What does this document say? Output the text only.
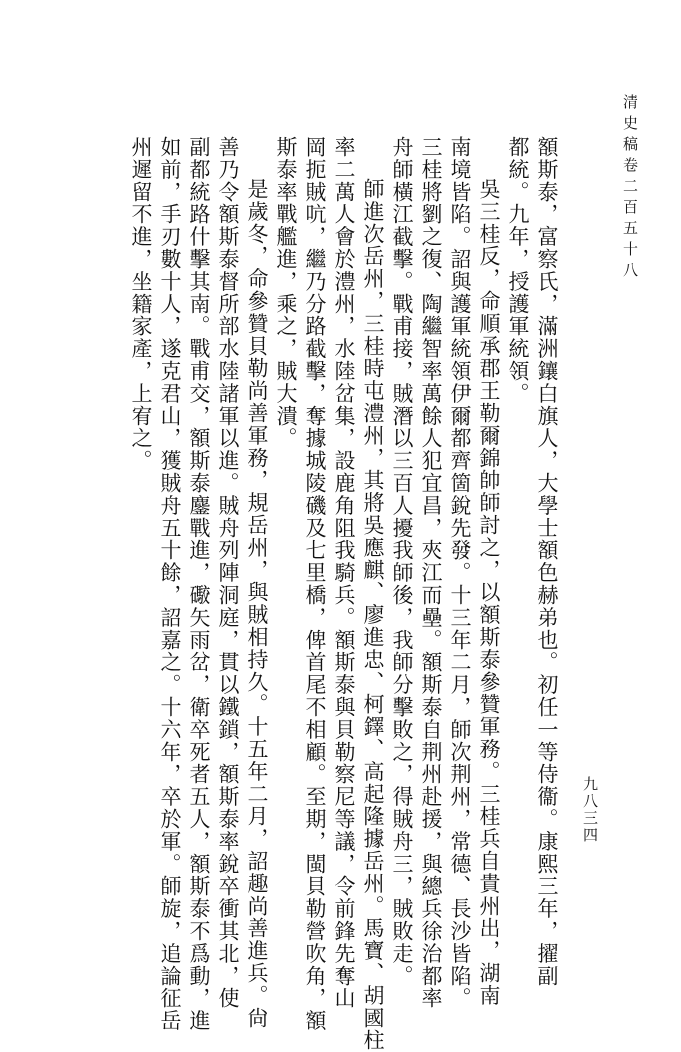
清史稿卷二百五十八
九八三四
額斯泰，富察氏，滿洲鑲白旗人，大學士額色赫弟也。初任一等侍衞。康熙三年，擢副
都統。九年，授護軍統領。
吳三桂反，命順承郡王勒爾錦帥師討之，以額斯泰參贊軍務。三桂兵自貴州出，湖南
南境皆陷。詔與護軍統領伊爾都齊箇銳先發。十三年二月，師次荆州，常德、長沙皆陷。
三桂將劉之復、陶繼智率萬餘人犯宜昌，夾江而壘。額斯泰自荆州赴援，與總兵徐治都率
舟師橫江截擊。戰甫接，賊潛以三百人擾我師後，我師分擊敗之，得賊舟三，賊敗走。
師進次岳州，三桂時屯澧州，其將吳應麒、廖進忠、柯鐸、高起隆據岳州。馬寶、胡國柱
率二萬人會於澧州，水陸岔集，設鹿角阻我騎兵。額斯泰與貝勒察尼等議，令前鋒先奪山
岡扼賊吭，繼乃分路截擊，奪據城陵磯及七里橋，俾首尾不相顧。至期，閩貝勒營吹角，額
斯泰率戰艦進，乘之，賊大潰。
是歲冬，命參贊貝勒尚善軍務，規岳州，與賊相持久。十五年二月，詔趣尚善進兵。尙
善乃令額斯泰督所部水陸諸軍以進。賊舟列陣洞庭，貫以鐵鎖，額斯泰率銳卒衝其北，使
副都統路什擊其南。戰甫交，額斯泰鏖戰進，礮矢雨岔，衛卒死者五人，額斯泰不爲動，進
如前，手刃數十人，遂克君山，獲賊舟五十餘，詔嘉之。十六年，卒於軍。師旋，追論征岳
州遲留不進，坐籍家產，上宥之。
